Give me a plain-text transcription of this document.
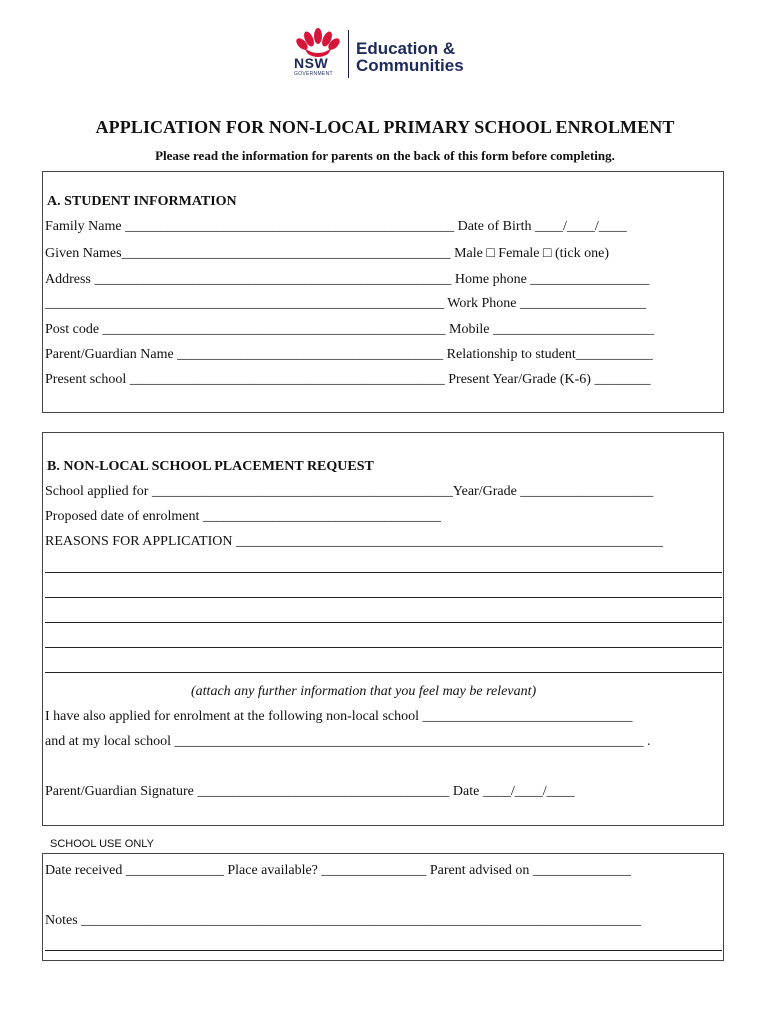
NSW
GOVERNMENT
Education &
Communities
APPLICATION FOR NON-LOCAL PRIMARY SCHOOL ENROLMENT
Please read the information for parents on the back of this form before completing.
A. STUDENT INFORMATION
Family Name _______________________________________________ Date of Birth ____/____/____
Given Names_______________________________________________ Male □ Female □ (tick one)
Address ___________________________________________________ Home phone _________________
_________________________________________________________ Work Phone __________________
Post code _________________________________________________ Mobile _______________________
Parent/Guardian Name ______________________________________ Relationship to student___________
Present school _____________________________________________ Present Year/Grade (K-6) ________
B. NON-LOCAL SCHOOL PLACEMENT REQUEST
School applied for ___________________________________________Year/Grade ___________________
Proposed date of enrolment __________________________________
REASONS FOR APPLICATION _____________________________________________________________
(attach any further information that you feel may be relevant)
I have also applied for enrolment at the following non-local school ______________________________
and at my local school ___________________________________________________________________ .
Parent/Guardian Signature ____________________________________ Date ____/____/____
SCHOOL USE ONLY
Date received ______________ Place available? _______________ Parent advised on ______________
Notes ________________________________________________________________________________
